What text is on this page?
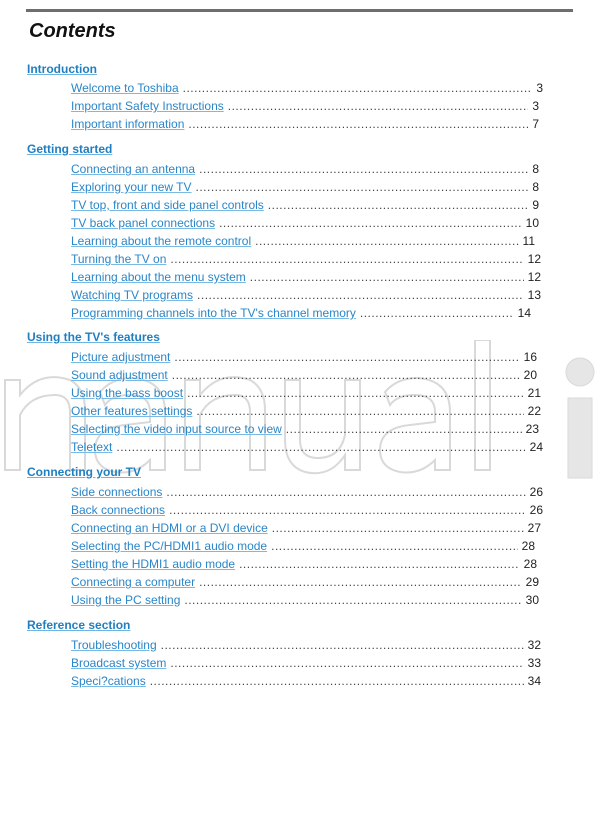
Contents
Introduction
Welcome to Toshiba .....	3
Important Safety Instructions .....	3
Important information .....	7
Getting started
Connecting an antenna .....	8
Exploring your new TV .....	8
TV top, front and side panel controls .....	9
TV back panel connections .....	10
Learning about the remote control .....	11
Turning the TV on .....	12
Learning about the menu system .....	12
Watching TV programs .....	13
Programming channels into the TV's channel memory .....	14
Using the TV's features
Picture adjustment .....	16
Sound adjustment .....	20
Using the bass boost .....	21
Other features settings .....	22
Selecting the video input source to view .....	23
Teletext .....	24
Connecting your TV
Side connections .....	26
Back connections .....	26
Connecting an HDMI or a DVI device .....	27
Selecting the PC/HDMI1 audio mode .....	28
Setting the HDMI1 audio mode .....	28
Connecting a computer .....	29
Using the PC setting .....	30
Reference section
Troubleshooting .....	32
Broadcast system .....	33
Speci?cations .....	34
